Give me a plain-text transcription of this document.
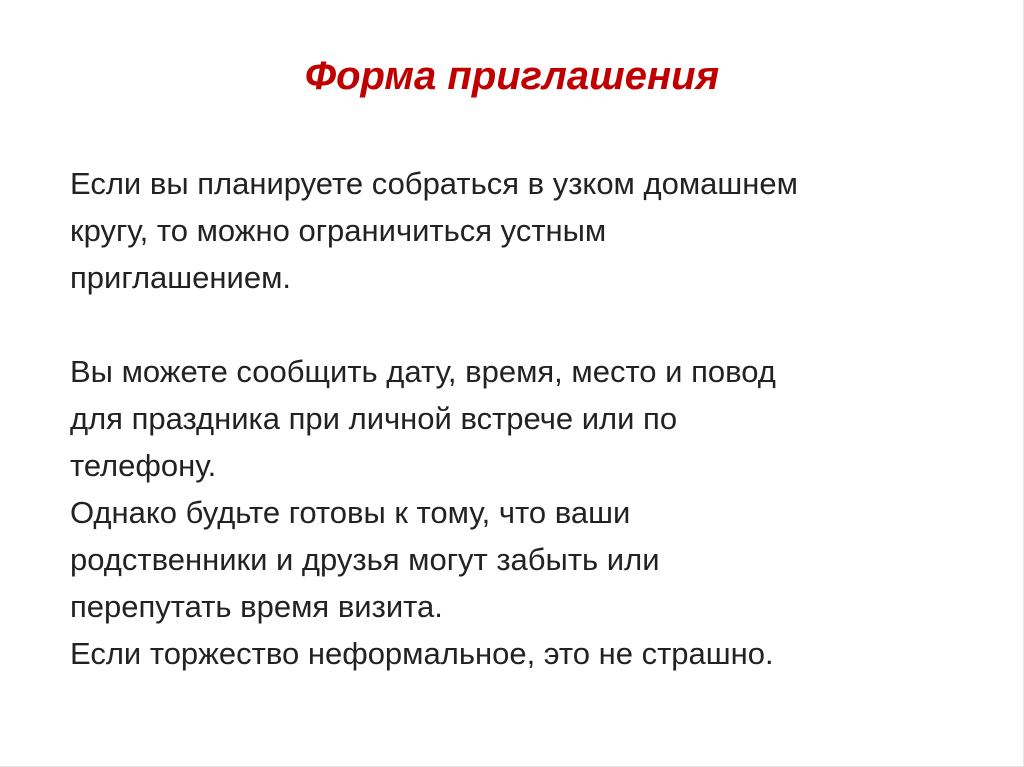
Форма приглашения
Если вы планируете собраться в узком домашнем
кругу, то можно ограничиться устным
приглашением.
Вы можете сообщить дату, время, место и повод
для праздника при личной встрече или по
телефону.
Однако будьте готовы к тому, что ваши
родственники и друзья могут забыть или
перепутать время визита.
Если торжество неформальное, это не страшно.
